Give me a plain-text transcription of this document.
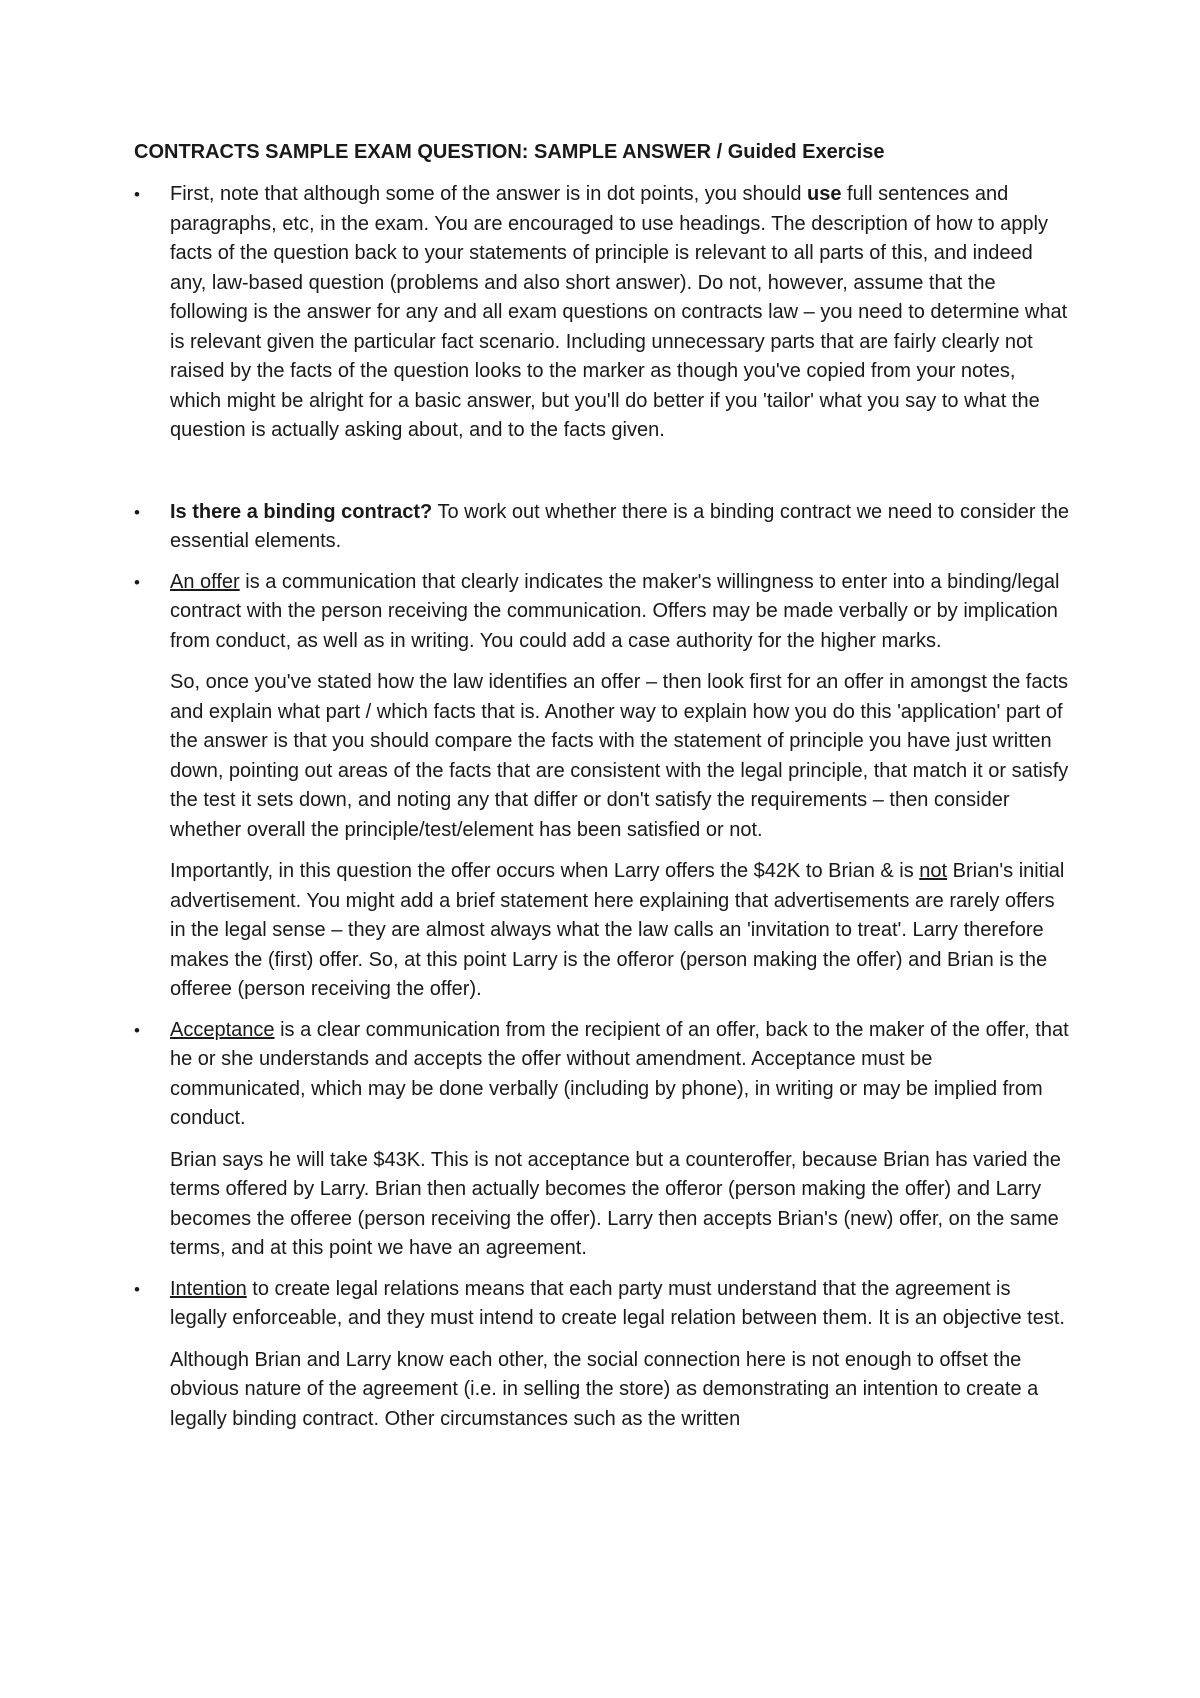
CONTRACTS SAMPLE EXAM QUESTION: SAMPLE ANSWER / Guided Exercise
•	First, note that although some of the answer is in dot points, you should use full sentences and paragraphs, etc, in the exam. You are encouraged to use headings. The description of how to apply facts of the question back to your statements of principle is relevant to all parts of this, and indeed any, law-based question (problems and also short answer). Do not, however, assume that the following is the answer for any and all exam questions on contracts law – you need to determine what is relevant given the particular fact scenario. Including unnecessary parts that are fairly clearly not raised by the facts of the question looks to the marker as though you've copied from your notes, which might be alright for a basic answer, but you'll do better if you 'tailor' what you say to what the question is actually asking about, and to the facts given.

•	Is there a binding contract? To work out whether there is a binding contract we need to consider the essential elements.

•	An offer is a communication that clearly indicates the maker's willingness to enter into a binding/legal contract with the person receiving the communication. Offers may be made verbally or by implication from conduct, as well as in writing. You could add a case authority for the higher marks.

So, once you've stated how the law identifies an offer – then look first for an offer in amongst the facts and explain what part / which facts that is. Another way to explain how you do this 'application' part of the answer is that you should compare the facts with the statement of principle you have just written down, pointing out areas of the facts that are consistent with the legal principle, that match it or satisfy the test it sets down, and noting any that differ or don't satisfy the requirements – then consider whether overall the principle/test/element has been satisfied or not.

Importantly, in this question the offer occurs when Larry offers the $42K to Brian & is not Brian's initial advertisement. You might add a brief statement here explaining that advertisements are rarely offers in the legal sense – they are almost always what the law calls an 'invitation to treat'. Larry therefore makes the (first) offer. So, at this point Larry is the offeror (person making the offer) and Brian is the offeree (person receiving the offer).

•	Acceptance is a clear communication from the recipient of an offer, back to the maker of the offer, that he or she understands and accepts the offer without amendment. Acceptance must be communicated, which may be done verbally (including by phone), in writing or may be implied from conduct.

Brian says he will take $43K. This is not acceptance but a counteroffer, because Brian has varied the terms offered by Larry. Brian then actually becomes the offeror (person making the offer) and Larry becomes the offeree (person receiving the offer). Larry then accepts Brian's (new) offer, on the same terms, and at this point we have an agreement.

•	Intention to create legal relations means that each party must understand that the agreement is legally enforceable, and they must intend to create legal relation between them. It is an objective test.

Although Brian and Larry know each other, the social connection here is not enough to offset the obvious nature of the agreement (i.e. in selling the store) as demonstrating an intention to create a legally binding contract. Other circumstances such as the written
